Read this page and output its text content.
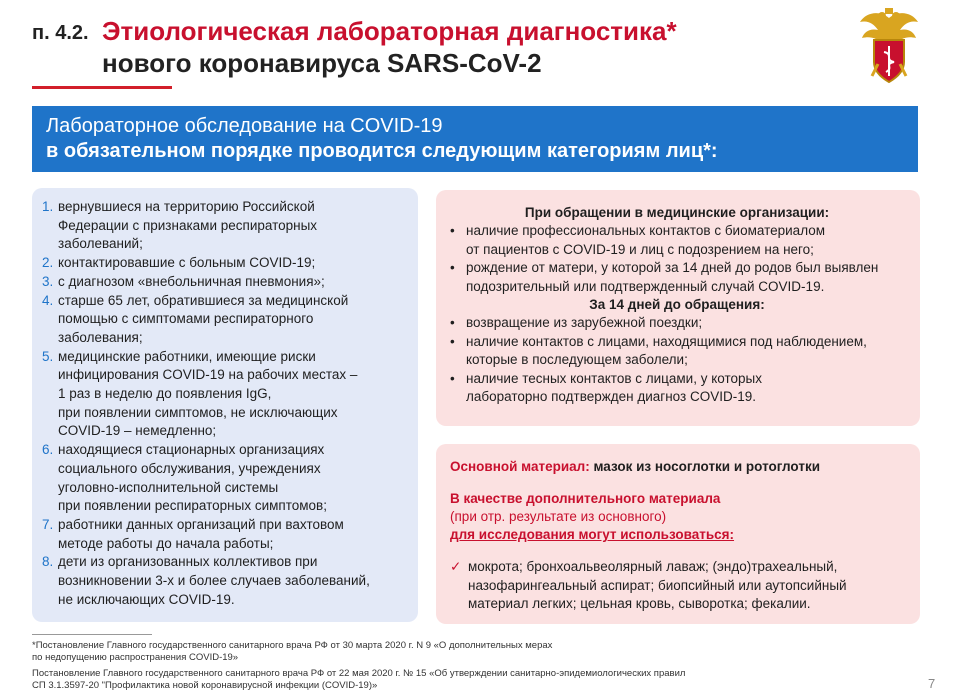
п. 4.2. Этиологическая лабораторная диагностика*
нового коронавируса SARS-CoV-2
Лабораторное обследование на COVID-19
в обязательном порядке проводится следующим категориям лиц*:
1. вернувшиеся на территорию Российской
Федерации с признаками респираторных
заболеваний;
2. контактировавшие с больным COVID-19;
3. с диагнозом «внебольничная пневмония»;
4. старше 65 лет, обратившиеся за медицинской
помощью с симптомами респираторного
заболевания;
5. медицинские работники, имеющие риски
инфицирования COVID-19 на рабочих местах –
1 раз в неделю до появления IgG,
при появлении симптомов, не исключающих
COVID-19 – немедленно;
6. находящиеся стационарных организациях
социального обслуживания, учреждениях
уголовно-исполнительной системы
при появлении респираторных симптомов;
7. работники данных организаций при вахтовом
методе работы до начала работы;
8. дети из организованных коллективов при
возникновении 3-х и более случаев заболеваний,
не исключающих COVID-19.
При обращении в медицинские организации:
• наличие профессиональных контактов с биоматериалом
от пациентов с COVID-19 и лиц с подозрением на него;
• рождение от матери, у которой за 14 дней до родов был выявлен
подозрительный или подтвержденный случай COVID-19.
За 14 дней до обращения:
• возвращение из зарубежной поездки;
• наличие контактов с лицами, находящимися под наблюдением,
которые в последующем заболели;
• наличие тесных контактов с лицами, у которых
лабораторно подтвержден диагноз COVID-19.
Основной материал: мазок из носоглотки и ротоглотки
В качестве дополнительного материала
(при отр. результате из основного)
для исследования могут использоваться:
✓ мокрота; бронхоальвеолярный лаваж; (эндо)трахеальный,
назофарингеальный аспират; биопсийный или аутопсийный
материал легких; цельная кровь, сыворотка; фекалии.
*Постановление Главного государственного санитарного врача РФ от 30 марта 2020 г. N 9 «О дополнительных мерах
по недопущению распространения COVID-19»
Постановление Главного государственного санитарного врача РФ от 22 мая 2020 г. № 15 «Об утверждении санитарно-эпидемиологических правил
СП 3.1.3597-20 "Профилактика новой коронавирусной инфекции (COVID-19)»	7
